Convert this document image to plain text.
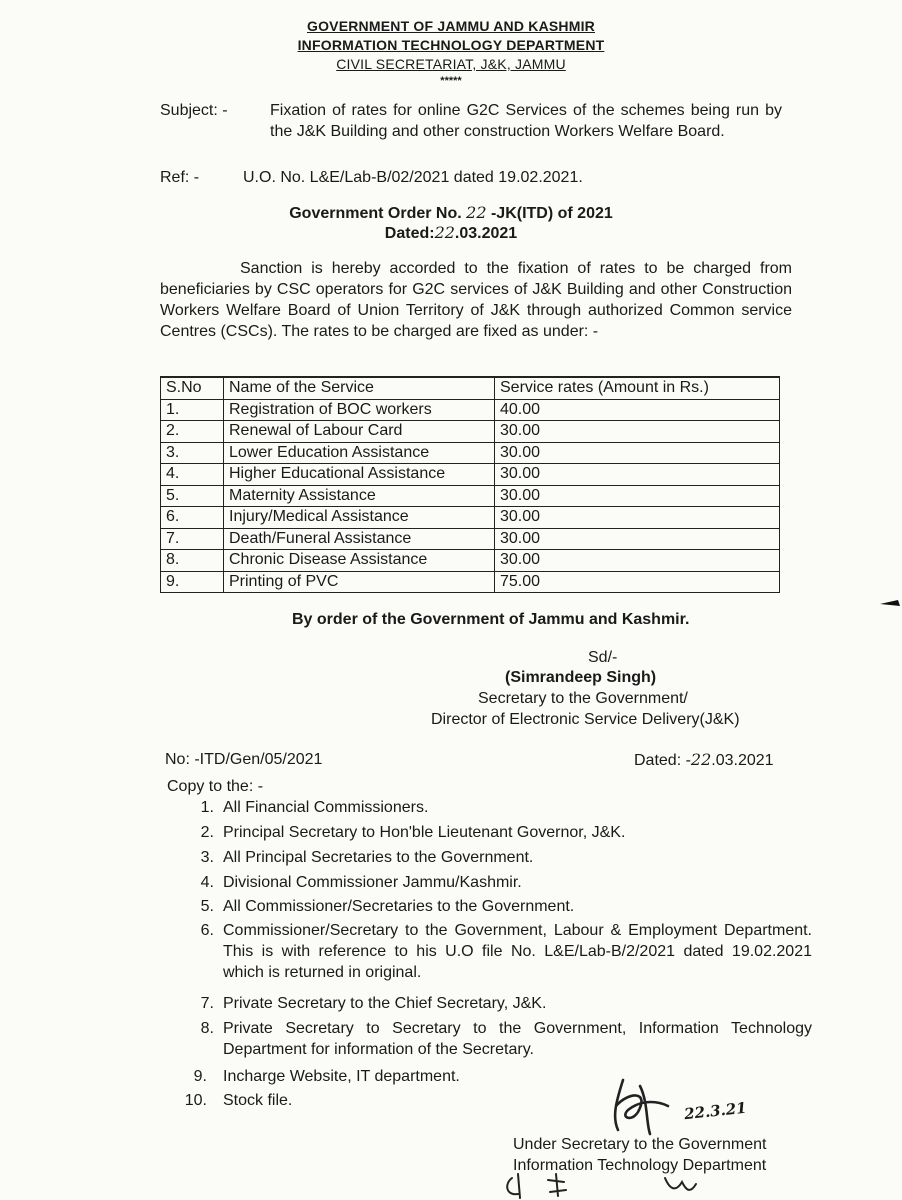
GOVERNMENT OF JAMMU AND KASHMIR
INFORMATION TECHNOLOGY DEPARTMENT
CIVIL SECRETARIAT, J&K, JAMMU
*****
Subject: -	Fixation of rates for online G2C Services of the schemes being run by the J&K Building and other construction Workers Welfare Board.
Ref: -	U.O. No. L&E/Lab-B/02/2021 dated 19.02.2021.
Government Order No. 22 -JK(ITD) of 2021
Dated:22.03.2021
Sanction is hereby accorded to the fixation of rates to be charged from beneficiaries by CSC operators for G2C services of J&K Building and other Construction Workers Welfare Board of Union Territory of J&K through authorized Common service Centres (CSCs). The rates to be charged are fixed as under: -
S.No	Name of the Service	Service rates (Amount in Rs.)
1.	Registration of BOC workers	40.00
2.	Renewal of Labour Card	30.00
3.	Lower Education Assistance	30.00
4.	Higher Educational Assistance	30.00
5.	Maternity Assistance	30.00
6.	Injury/Medical Assistance	30.00
7.	Death/Funeral Assistance	30.00
8.	Chronic Disease Assistance	30.00
9.	Printing of PVC	75.00
By order of the Government of Jammu and Kashmir.
Sd/-
(Simrandeep Singh)
Secretary to the Government/
Director of Electronic Service Delivery(J&K)
No: -ITD/Gen/05/2021	Dated: -22.03.2021
Copy to the: -
1. All Financial Commissioners.
2. Principal Secretary to Hon'ble Lieutenant Governor, J&K.
3. All Principal Secretaries to the Government.
4. Divisional Commissioner Jammu/Kashmir.
5. All Commissioner/Secretaries to the Government.
6. Commissioner/Secretary to the Government, Labour & Employment Department. This is with reference to his U.O file No. L&E/Lab-B/2/2021 dated 19.02.2021 which is returned in original.
7. Private Secretary to the Chief Secretary, J&K.
8. Private Secretary to Secretary to the Government, Information Technology Department for information of the Secretary.
9. Incharge Website, IT department.
10. Stock file.	22.3.21
Under Secretary to the Government
Information Technology Department
